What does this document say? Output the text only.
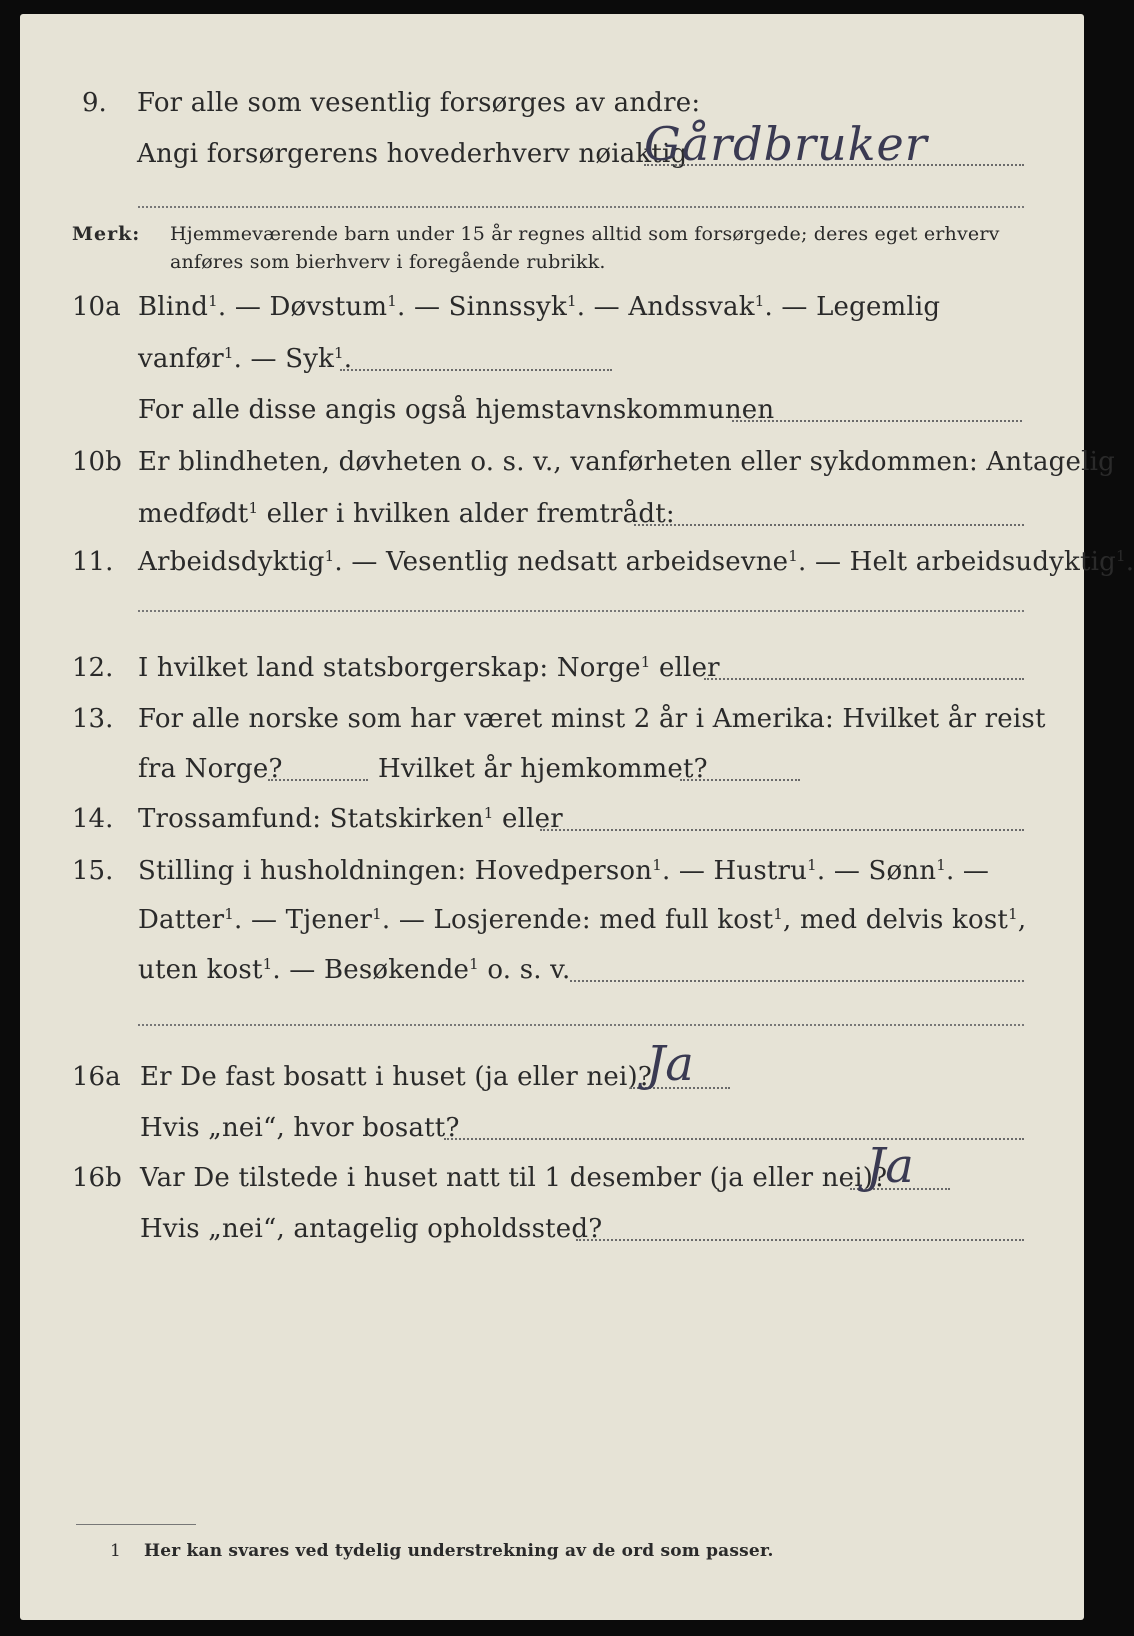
9. For alle som vesentlig forsørges av andre:
Angi forsørgerens hovederhverv nøiaktig
Gårdbruker
Merk: Hjemmeværende barn under 15 år regnes alltid som forsørgede; deres eget erhverv
anføres som bierhverv i foregående rubrikk.
10a Blind$^1$. — Døvstum$^1$. — Sinnssyk$^1$. — Andssvak$^1$. — Legemlig
vanfør$^1$. — Syk$^1$.
For alle disse angis også hjemstavnskommunen
10b Er blindheten, døvheten o. s. v., vanførheten eller sykdommen: Antagelig
medfødt$^1$ eller i hvilken alder fremtrådt:
11. Arbeidsdyktig$^1$. — Vesentlig nedsatt arbeidsevne$^1$. — Helt arbeidsudyktig$^1$.
12. I hvilket land statsborgerskap: Norge$^1$ eller
13. For alle norske som har været minst 2 år i Amerika: Hvilket år reist
fra Norge?	Hvilket år hjemkommet?
14. Trossamfund: Statskirken$^1$ eller
15. Stilling i husholdningen: Hovedperson$^1$. — Hustru$^1$. — Sønn$^1$. —
Datter$^1$. — Tjener$^1$. — Losjerende: med full kost$^1$, med delvis kost$^1$,
uten kost$^1$. — Besøkende$^1$ o. s. v.
16a Er De fast bosatt i huset (ja eller nei)?
Ja
Hvis „nei“, hvor bosatt?
16b Var De tilstede i huset natt til 1 desember (ja eller nei)?
Ja
Hvis „nei“, antagelig opholdssted?
1 Her kan svares ved tydelig understrekning av de ord som passer.
